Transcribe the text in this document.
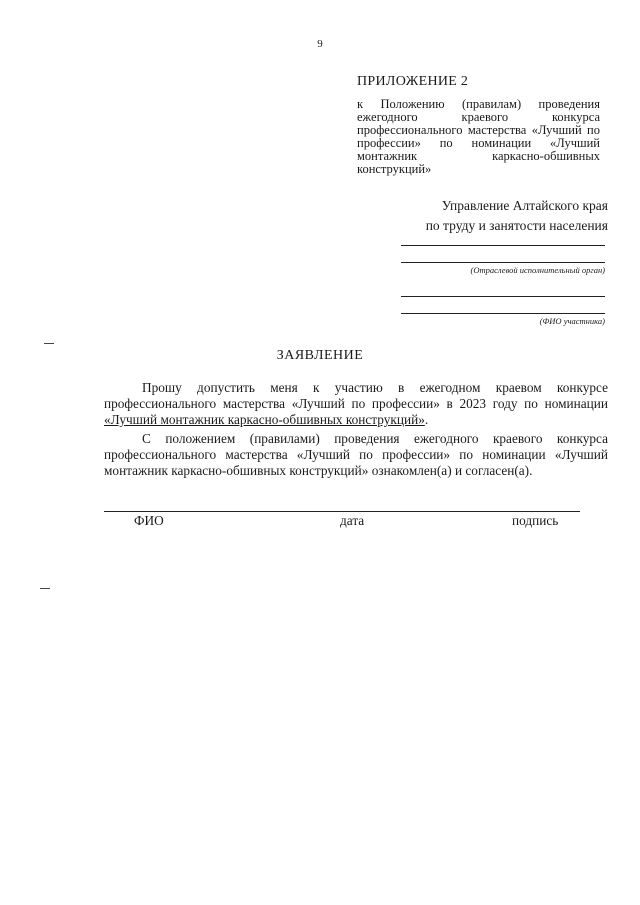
9
ПРИЛОЖЕНИЕ 2
к Положению (правилам) проведения ежегодного краевого конкурса профессионального мастерства «Лучший по профессии» по номинации «Лучший монтажник каркасно-обшивных конструкций»
Управление Алтайского края
по труду и занятости населения
(Отраслевой исполнительный орган)
(ФИО участника)
ЗАЯВЛЕНИЕ
Прошу допустить меня к участию в ежегодном краевом конкурсе профессионального мастерства «Лучший по профессии» в 2023 году по номинации «Лучший монтажник каркасно-обшивных конструкций».
С положением (правилами) проведения ежегодного краевого конкурса профессионального мастерства «Лучший по профессии» по номинации «Лучший монтажник каркасно-обшивных конструкций» ознакомлен(а) и согласен(а).
ФИО	дата	подпись
